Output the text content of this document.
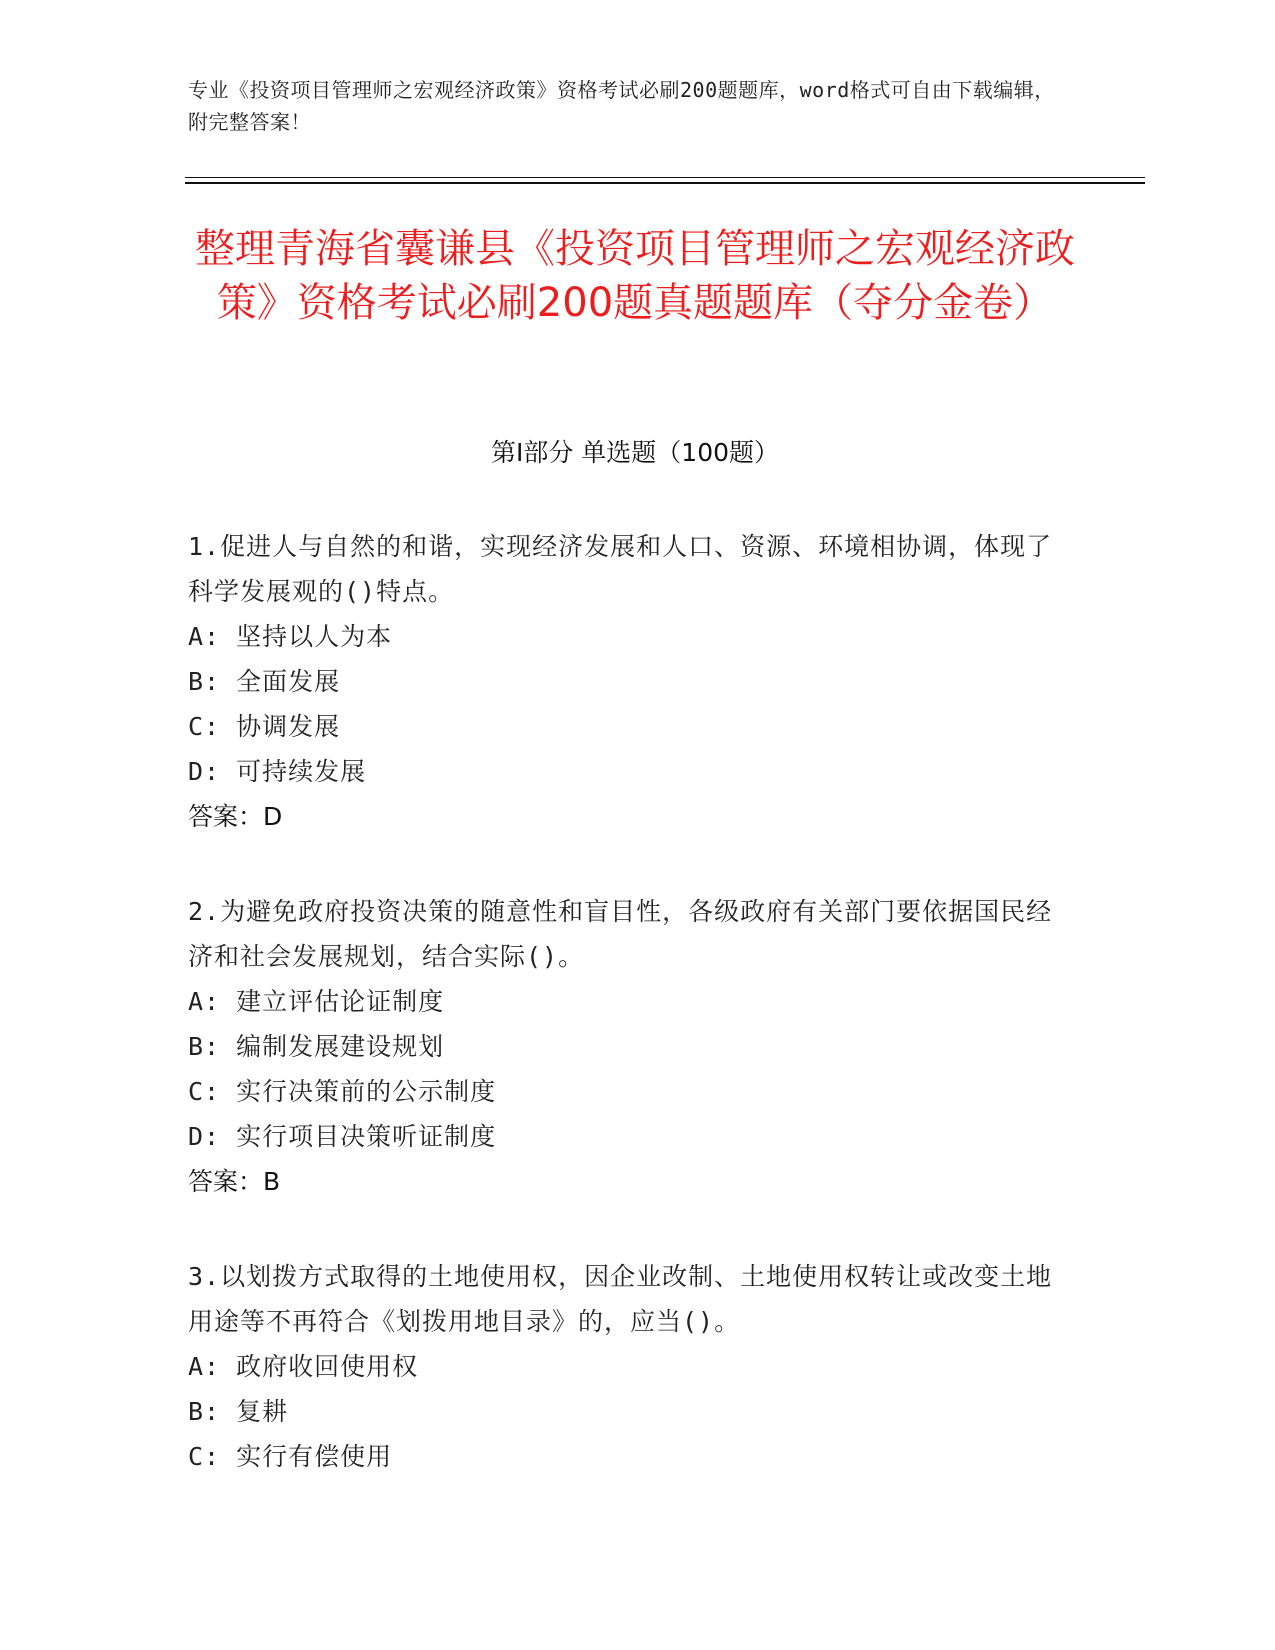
专业《投资项目管理师之宏观经济政策》资格考试必刷200题题库，word格式可自由下载编辑，附完整答案！
整理青海省囊谦县《投资项目管理师之宏观经济政策》资格考试必刷200题真题题库（夺分金卷）
第I部分 单选题（100题）
1.促进人与自然的和谐，实现经济发展和人口、资源、环境相协调，体现了科学发展观的()特点。
A: 坚持以人为本
B: 全面发展
C: 协调发展
D: 可持续发展
答案：D
2.为避免政府投资决策的随意性和盲目性，各级政府有关部门要依据国民经济和社会发展规划，结合实际()。
A: 建立评估论证制度
B: 编制发展建设规划
C: 实行决策前的公示制度
D: 实行项目决策听证制度
答案：B
3.以划拨方式取得的土地使用权，因企业改制、土地使用权转让或改变土地用途等不再符合《划拨用地目录》的，应当()。
A: 政府收回使用权
B: 复耕
C: 实行有偿使用
